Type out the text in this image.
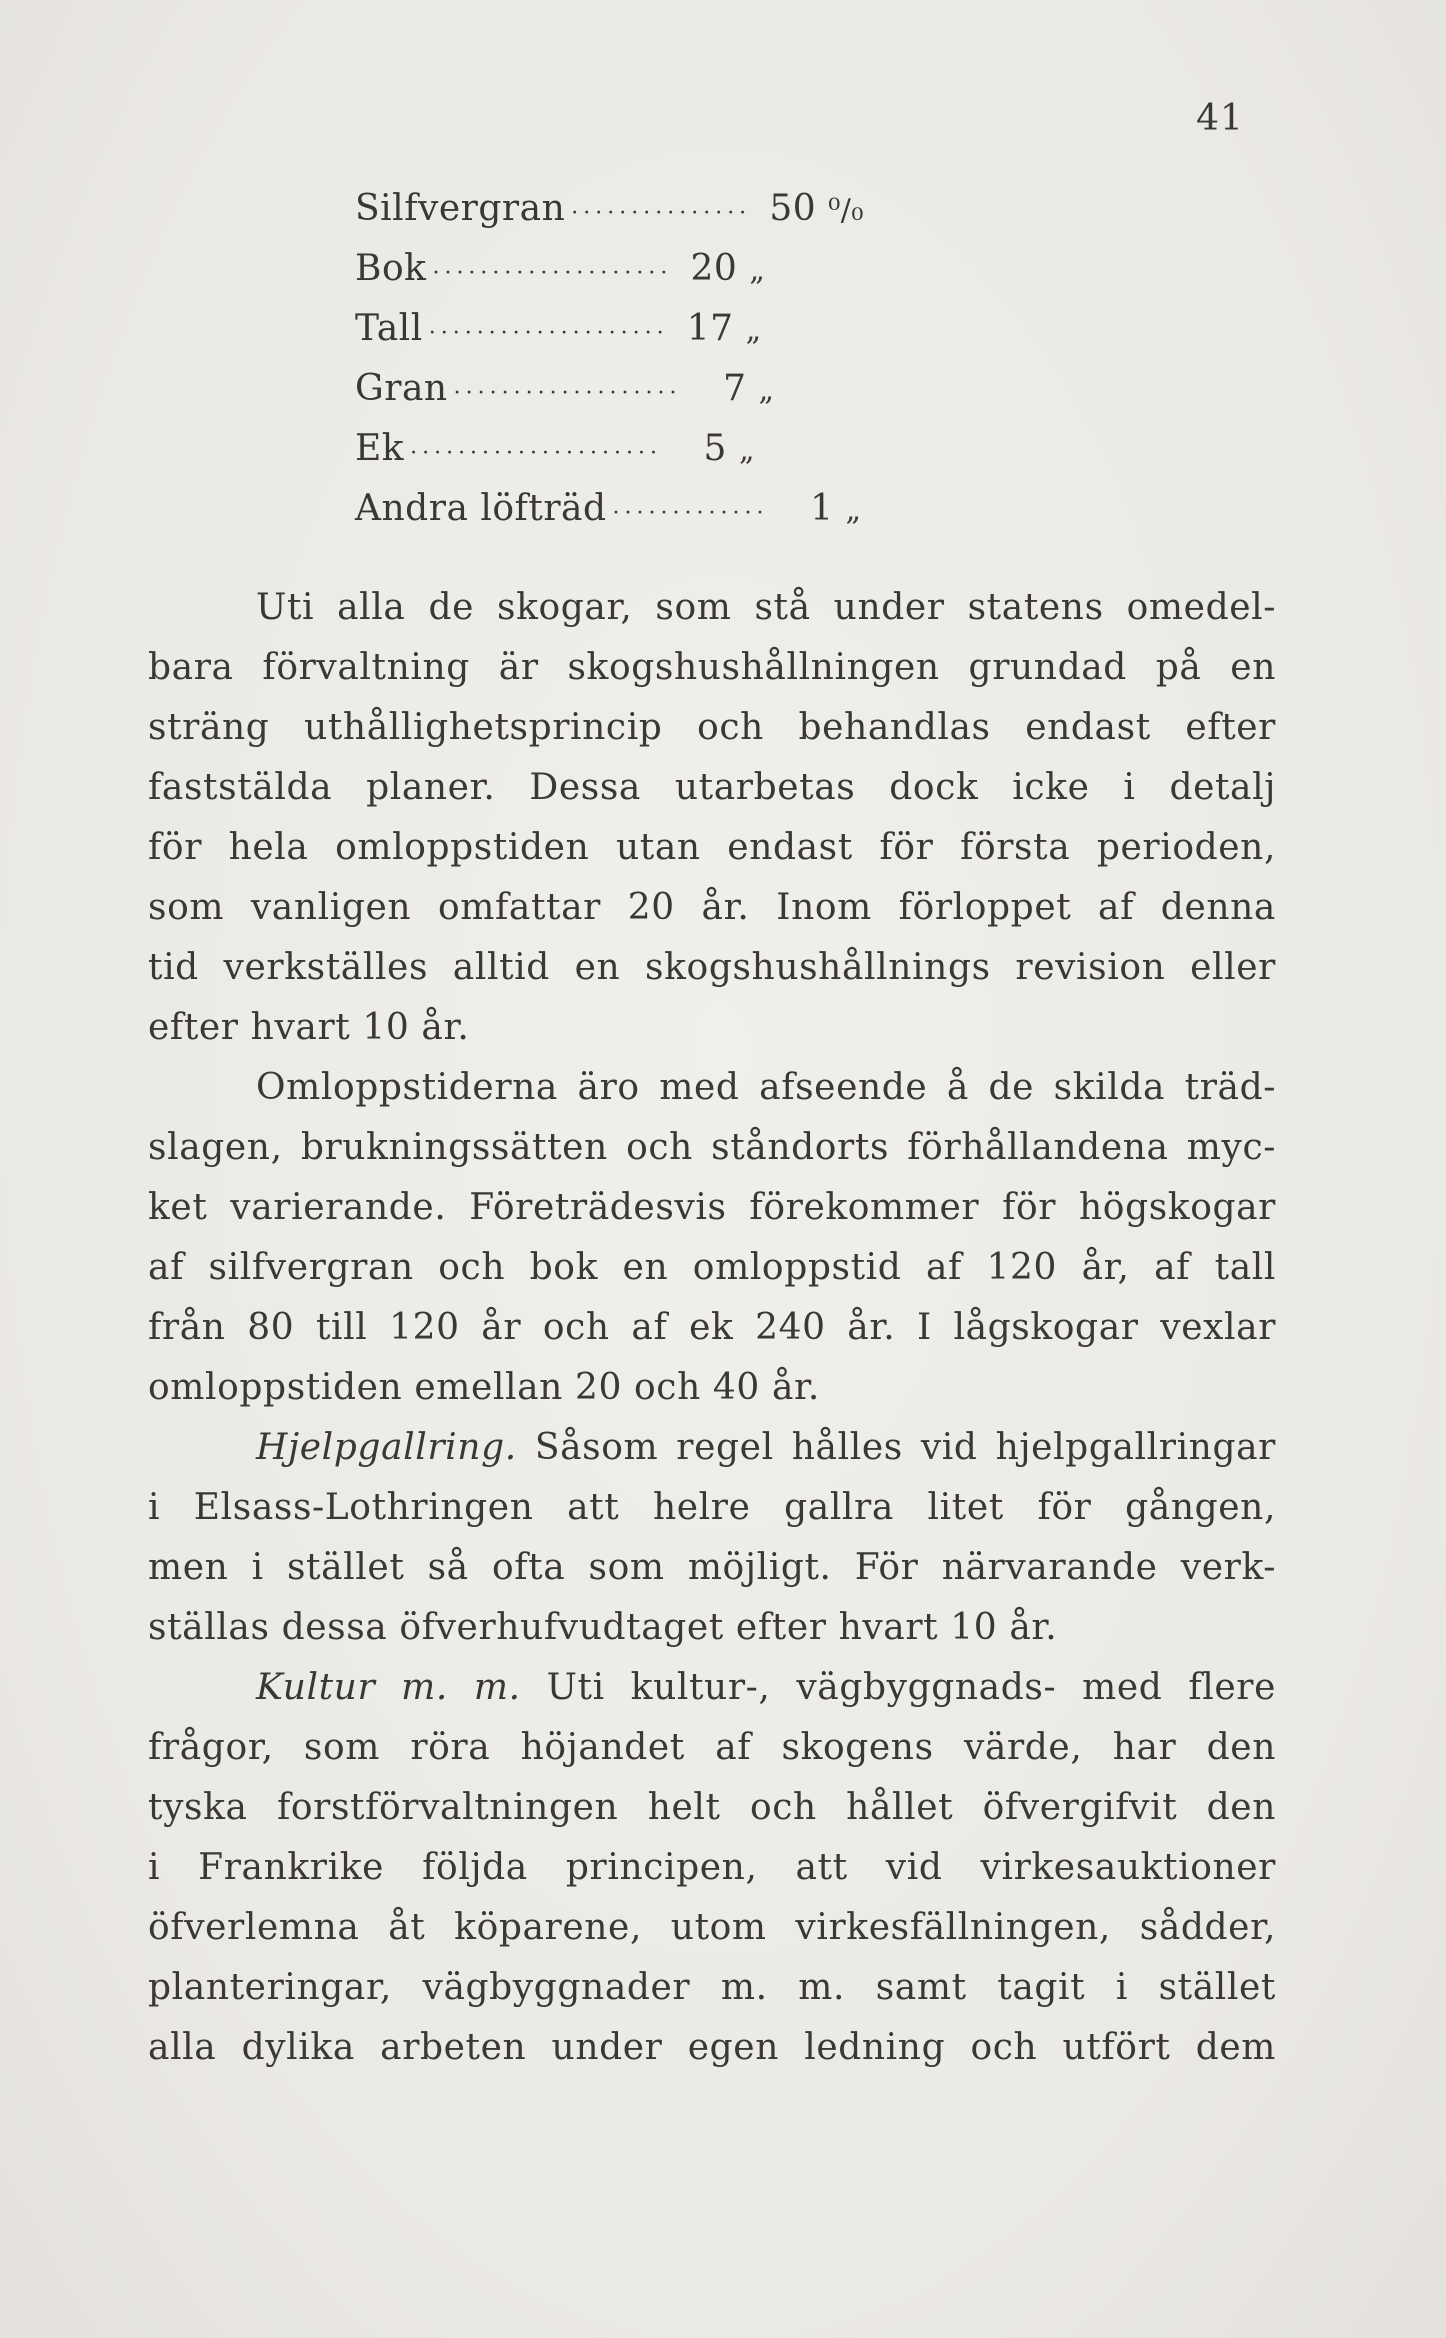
41
Silfvergran ··············· 50 ⁰/₀
Bok ···················· 20 „
Tall ···················· 17 „
Gran ···················	7 „
Ek ·····················	5 „
Andra löfträd ·············	1 „
Uti alla de skogar, som stå under statens omedel-
bara förvaltning är skogshushållningen grundad på en
sträng uthållighetsprincip och behandlas endast efter
faststälda planer. Dessa utarbetas dock icke i detalj
för hela omloppstiden utan endast för första perioden,
som vanligen omfattar 20 år. Inom förloppet af denna
tid verkställes alltid en skogshushållnings revision eller
efter hvart 10 år.
Omloppstiderna äro med afseende å de skilda träd-
slagen, brukningssätten och ståndorts förhållandena myc-
ket varierande. Företrädesvis förekommer för högskogar
af silfvergran och bok en omloppstid af 120 år, af tall
från 80 till 120 år och af ek 240 år. I lågskogar vexlar
omloppstiden emellan 20 och 40 år.
Hjelpgallring. Såsom regel hålles vid hjelpgallringar
i Elsass-Lothringen att helre gallra litet för gången,
men i stället så ofta som möjligt. För närvarande verk-
ställas dessa öfverhufvudtaget efter hvart 10 år.
Kultur m. m. Uti kultur-, vägbyggnads- med flere
frågor, som röra höjandet af skogens värde, har den
tyska forstförvaltningen helt och hållet öfvergifvit den
i Frankrike följda principen, att vid virkesauktioner
öfverlemna åt köparene, utom virkesfällningen, sådder,
planteringar, vägbyggnader m. m. samt tagit i stället
alla dylika arbeten under egen ledning och utfört dem
